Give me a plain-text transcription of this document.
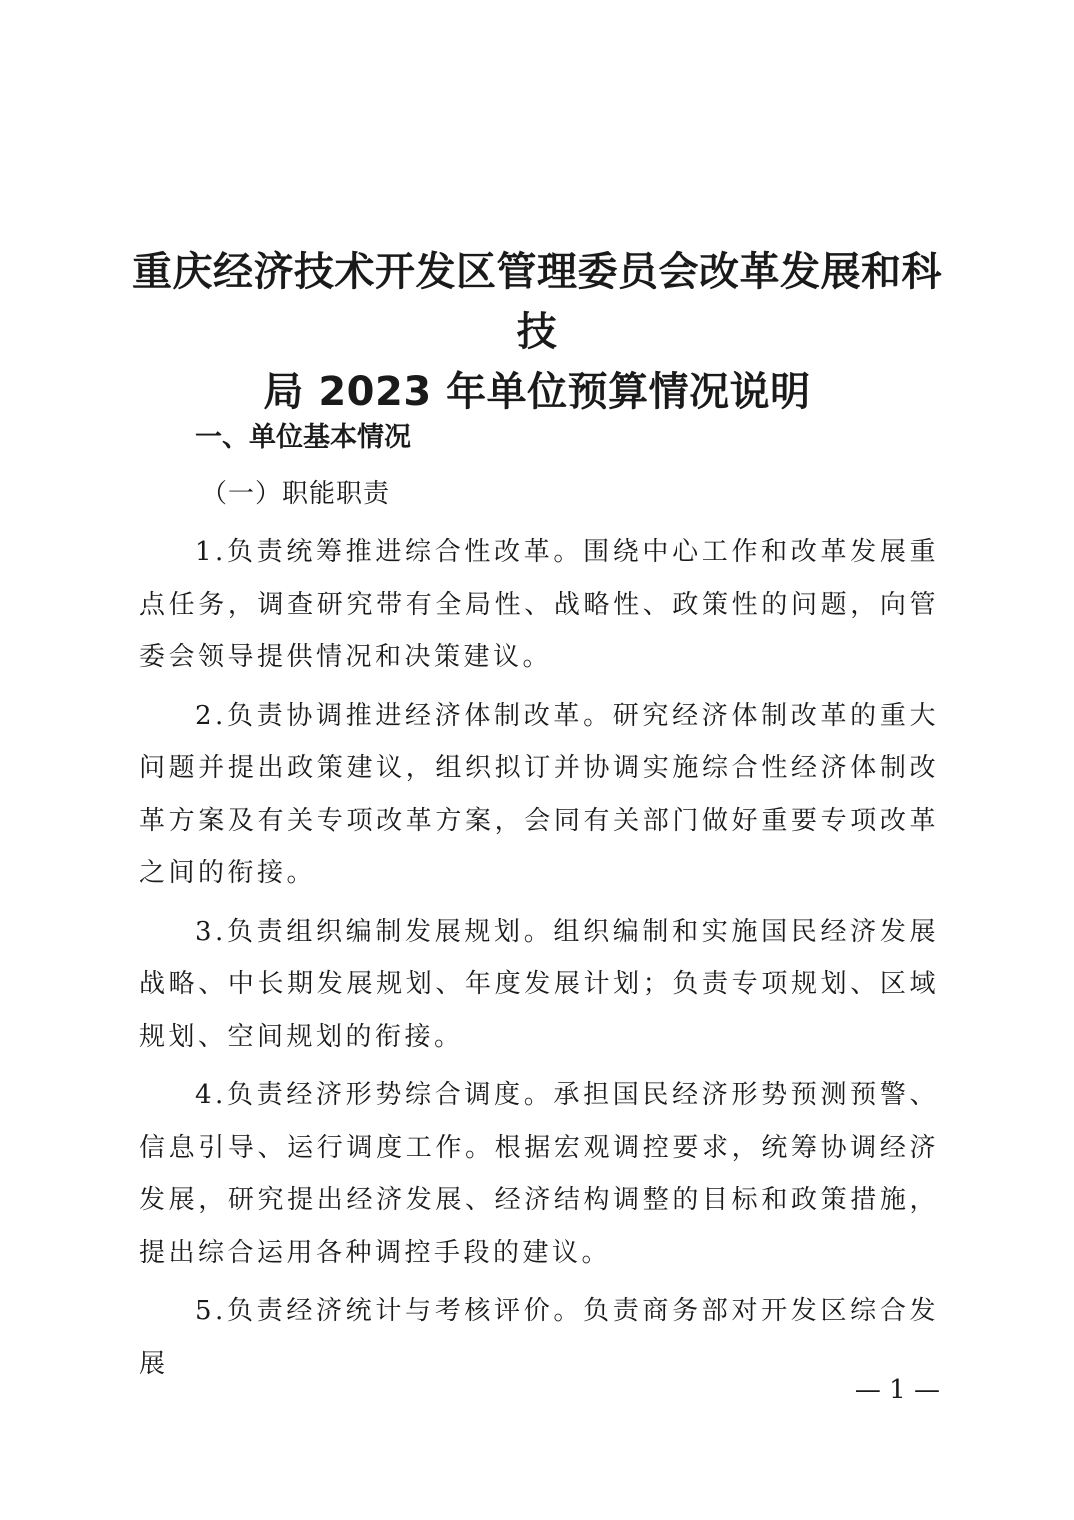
重庆经济技术开发区管理委员会改革发展和科技
局 2023 年单位预算情况说明

一、单位基本情况

（一）职能职责

1.负责统筹推进综合性改革。围绕中心工作和改革发展重点任务，调查研究带有全局性、战略性、政策性的问题，向管委会领导提供情况和决策建议。

2.负责协调推进经济体制改革。研究经济体制改革的重大问题并提出政策建议，组织拟订并协调实施综合性经济体制改革方案及有关专项改革方案，会同有关部门做好重要专项改革之间的衔接。

3.负责组织编制发展规划。组织编制和实施国民经济发展战略、中长期发展规划、年度发展计划；负责专项规划、区域规划、空间规划的衔接。

4.负责经济形势综合调度。承担国民经济形势预测预警、信息引导、运行调度工作。根据宏观调控要求，统筹协调经济发展，研究提出经济发展、经济结构调整的目标和政策措施，提出综合运用各种调控手段的建议。

5.负责经济统计与考核评价。负责商务部对开发区综合发展

— 1 —
